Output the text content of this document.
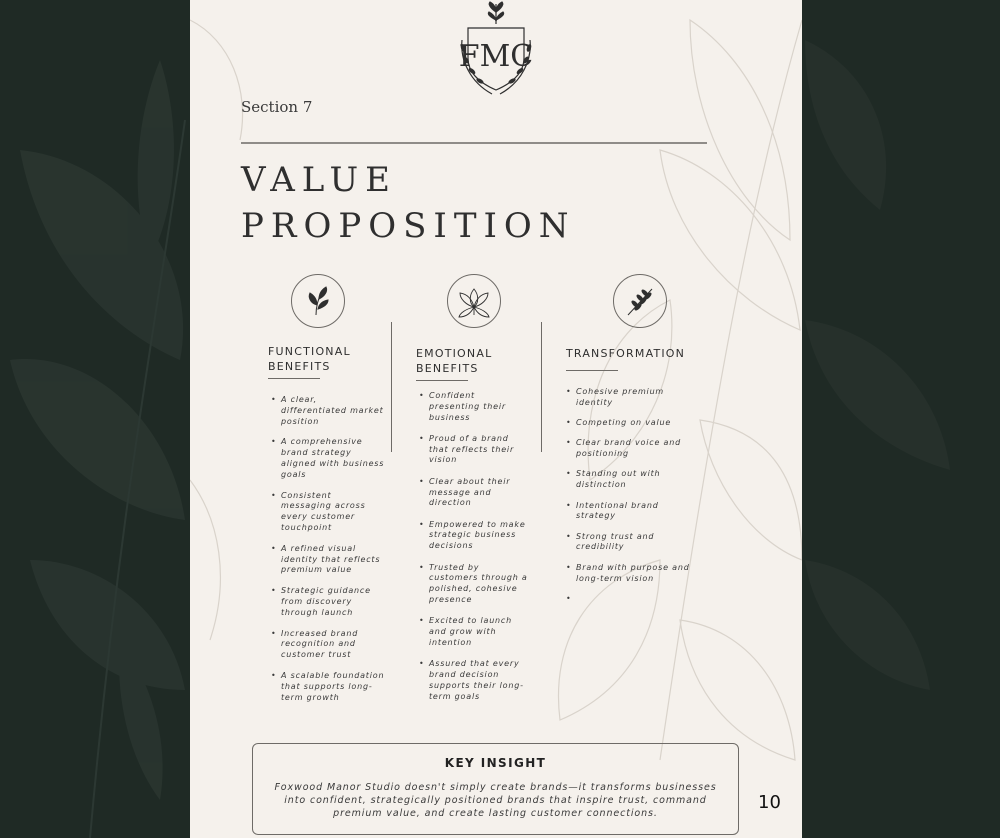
FMC
Section 7
VALUE
PROPOSITION
FUNCTIONAL
BENEFITS
• A clear, differentiated market position
• A comprehensive brand strategy aligned with business goals
• Consistent messaging across every customer touchpoint
• A refined visual identity that reflects premium value
• Strategic guidance from discovery through launch
• Increased brand recognition and customer trust
• A scalable foundation that supports long-term growth
EMOTIONAL
BENEFITS
• Confident presenting their business
• Proud of a brand that reflects their vision
• Clear about their message and direction
• Empowered to make strategic business decisions
• Trusted by customers through a polished, cohesive presence
• Excited to launch and grow with intention
• Assured that every brand decision supports their long-term goals
TRANSFORMATION
• Cohesive premium identity
• Competing on value
• Clear brand voice and positioning
• Standing out with distinction
• Intentional brand strategy
• Strong trust and credibility
• Brand with purpose and long-term vision
•
KEY INSIGHT
Foxwood Manor Studio doesn't simply create brands—it transforms businesses into confident, strategically positioned brands that inspire trust, command premium value, and create lasting customer connections.
10
